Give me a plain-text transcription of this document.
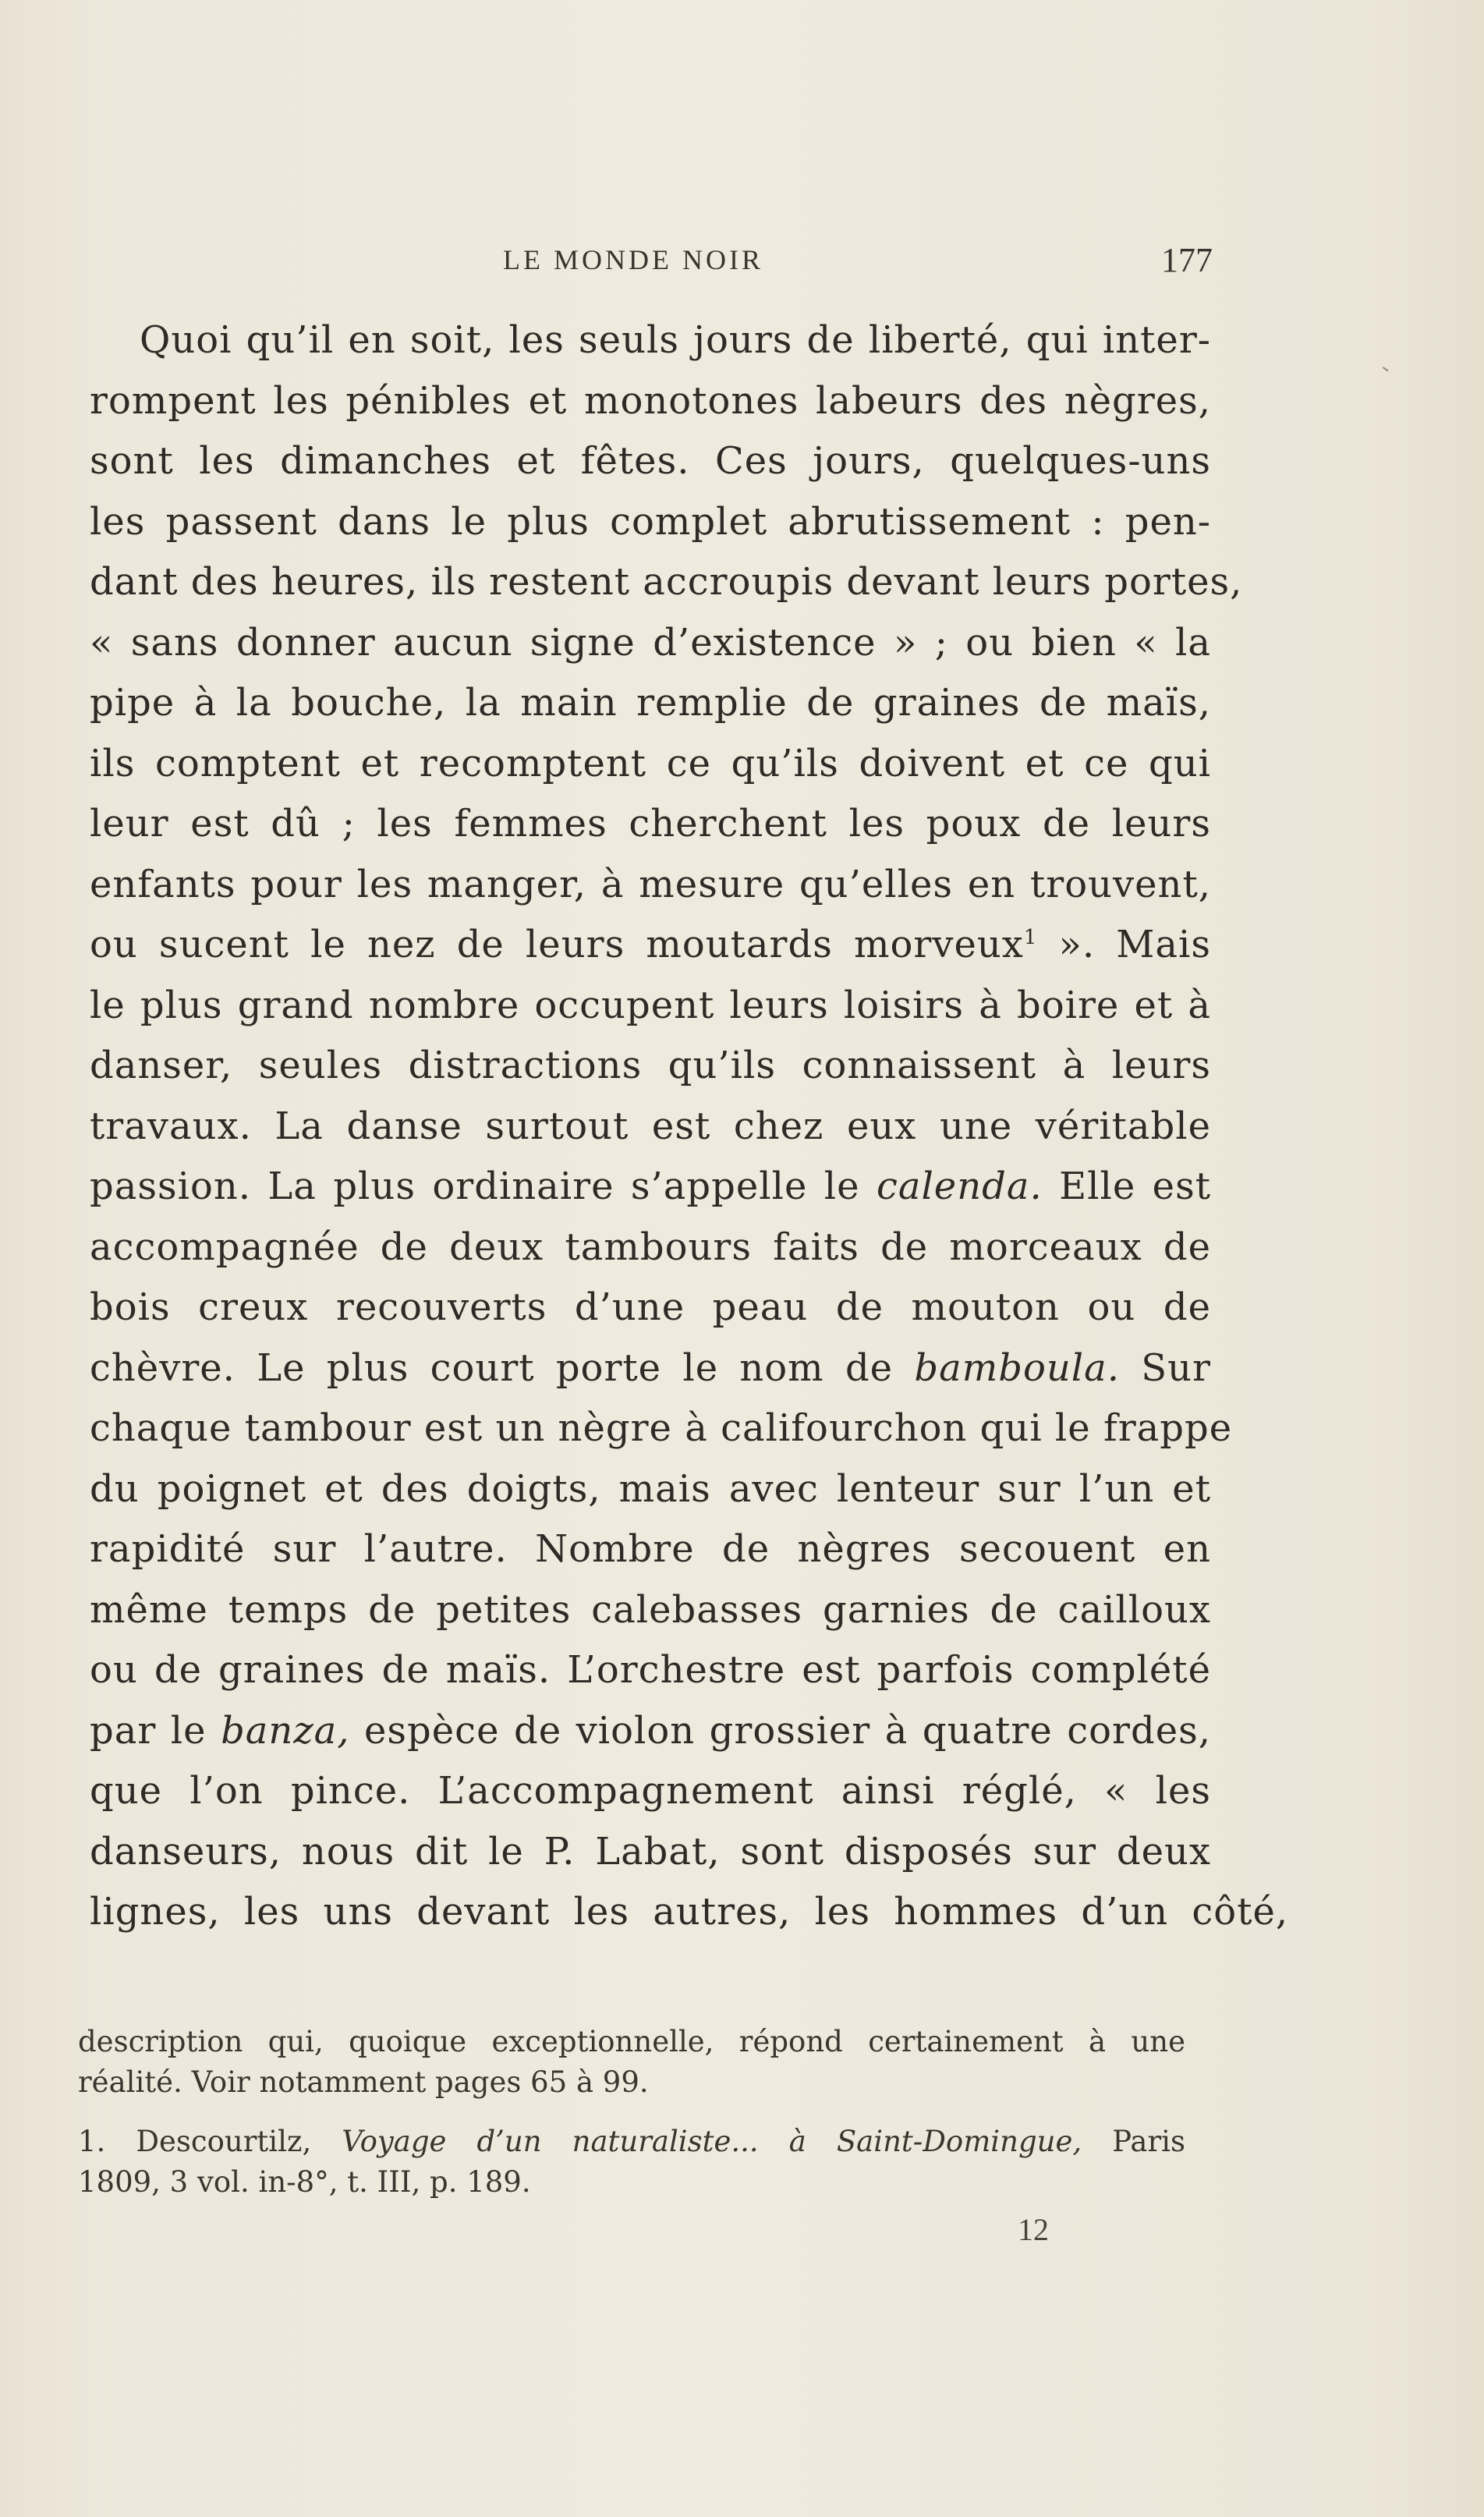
LE MONDE NOIR	177
Quoi qu’il en soit, les seuls jours de liberté, qui inter-
rompent les pénibles et monotones labeurs des nègres,
sont les dimanches et fêtes. Ces jours, quelques-uns
les passent dans le plus complet abrutissement : pen-
dant des heures, ils restent accroupis devant leurs portes,
« sans donner aucun signe d’existence » ; ou bien « la
pipe à la bouche, la main remplie de graines de maïs,
ils comptent et recomptent ce qu’ils doivent et ce qui
leur est dû ; les femmes cherchent les poux de leurs
enfants pour les manger, à mesure qu’elles en trouvent,
ou sucent le nez de leurs moutards morveux$^1$ ». Mais
le plus grand nombre occupent leurs loisirs à boire et à
danser, seules distractions qu’ils connaissent à leurs
travaux. La danse surtout est chez eux une véritable
passion. La plus ordinaire s’appelle le calenda. Elle est
accompagnée de deux tambours faits de morceaux de
bois creux recouverts d’une peau de mouton ou de
chèvre. Le plus court porte le nom de bamboula. Sur
chaque tambour est un nègre à califourchon qui le frappe
du poignet et des doigts, mais avec lenteur sur l’un et
rapidité sur l’autre. Nombre de nègres secouent en
même temps de petites calebasses garnies de cailloux
ou de graines de maïs. L’orchestre est parfois complété
par le banza, espèce de violon grossier à quatre cordes,
que l’on pince. L’accompagnement ainsi réglé, « les
danseurs, nous dit le P. Labat, sont disposés sur deux
lignes, les uns devant les autres, les hommes d’un côté,
description qui, quoique exceptionnelle, répond certainement à une
réalité. Voir notamment pages 65 à 99.
1. Descourtilz, Voyage d’un naturaliste... à Saint-Domingue, Paris
1809, 3 vol. in-8°, t. III, p. 189.
12
